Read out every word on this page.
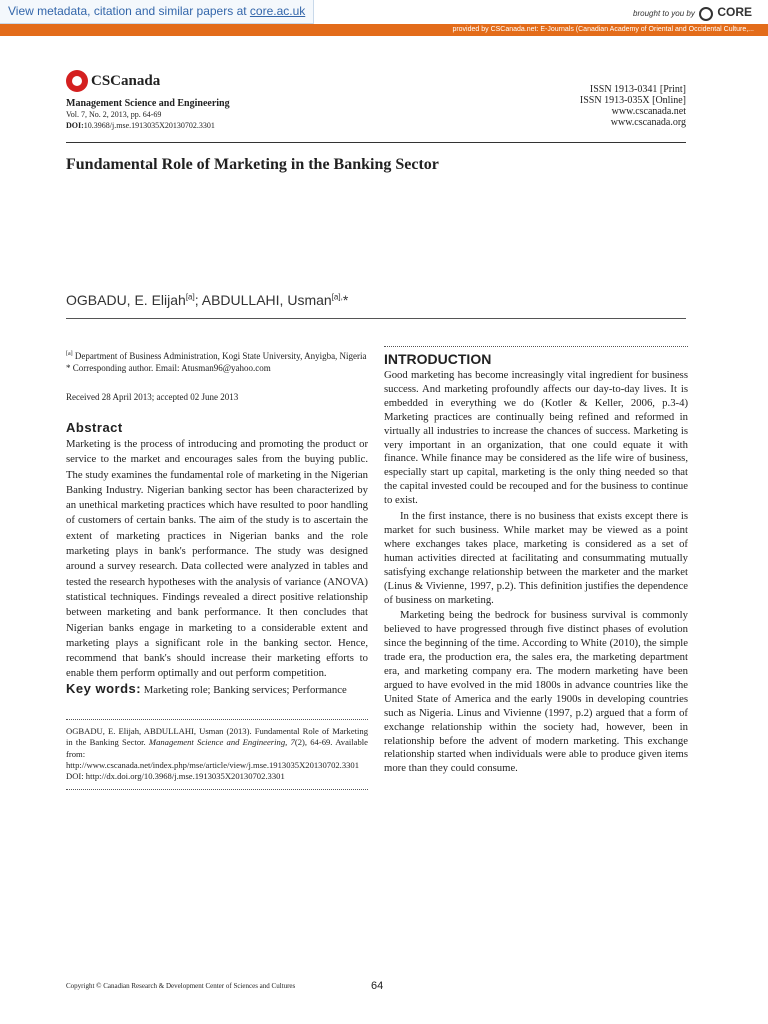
View metadata, citation and similar papers at core.ac.uk	brought to you by CORE
provided by CSCanada.net: E-Journals (Canadian Academy of Oriental and Occidental Culture,...
CSCanada
Management Science and Engineering
Vol. 7, No. 2, 2013, pp. 64-69
DOI:10.3968/j.mse.1913035X20130702.3301
ISSN 1913-0341 [Print]
ISSN 1913-035X [Online]
www.cscanada.net
www.cscanada.org
Fundamental Role of Marketing in the Banking Sector
OGBADU, E. Elijah[a]; ABDULLAHI, Usman$^{[a],}$*
[a] Department of Business Administration, Kogi State University, Anyigba, Nigeria
* Corresponding author. Email: Atusman96@yahoo.com
Received 28 April 2013; accepted 02 June 2013
Abstract
Marketing is the process of introducing and promoting the product or service to the market and encourages sales from the buying public. The study examines the fundamental role of marketing in the Nigerian Banking Industry. Nigerian banking sector has been characterized by an unethical marketing practices which have resulted to poor handling of customers of certain banks. The aim of the study is to ascertain the extent of marketing practices in Nigerian banks and the role marketing plays in bank's performance. The study was designed around a survey research. Data collected were analyzed in tables and tested the research hypotheses with the analysis of variance (ANOVA) statistical techniques. Findings revealed a direct positive relationship between marketing and bank performance. It then concludes that Nigerian banks engage in marketing to a considerable extent and marketing plays a significant role in the banking sector. Hence, recommend that bank's should increase their marketing efforts to enable them perform optimally and out perform competition.
Key words: Marketing role; Banking services; Performance
OGBADU, E. Elijah, ABDULLAHI, Usman (2013). Fundamental Role of Marketing in the Banking Sector. Management Science and Engineering, 7(2), 64-69. Available from: http://www.cscanada.net/index.php/mse/article/view/j.mse.1913035X20130702.3301 DOI: http://dx.doi.org/10.3968/j.mse.1913035X20130702.3301
INTRODUCTION

Good marketing has become increasingly vital ingredient for business success. And marketing profoundly affects our day-to-day lives. It is embedded in everything we do (Kotler & Keller, 2006, p.3-4) Marketing practices are continually being refined and reformed in virtually all industries to increase the chances of success. Marketing is very important in an organization, that one could equate it with finance. While finance may be considered as the life wire of business, especially start up capital, marketing is the only thing needed so that the capital invested could be recouped and for the business to continue to exist.

In the first instance, there is no business that exists except there is market for such business. While market may be viewed as a point where exchanges takes place, marketing is considered as a set of human activities directed at facilitating and consummating mutually satisfying exchange relationship between the marketer and the market (Linus & Vivienne, 1997, p.2). This definition justifies the dependence of business on marketing.

Marketing being the bedrock for business survival is commonly believed to have progressed through five distinct phases of evolution since the beginning of the time. According to White (2010), the simple trade era, the production era, the sales era, the marketing department era, and marketing company era. The modern marketing have been argued to have evolved in the mid 1800s in advance countries like the United State of America and the early 1900s in developing countries such as Nigeria. Linus and Vivienne (1997, p.2) argued that a form of exchange relationship within the society had, however, been in relationship before the advent of modern marketing. This exchange relationship started when individuals were able to produce given items more than they could consume.

Copyright © Canadian Research & Development Center of Sciences and Cultures	64
